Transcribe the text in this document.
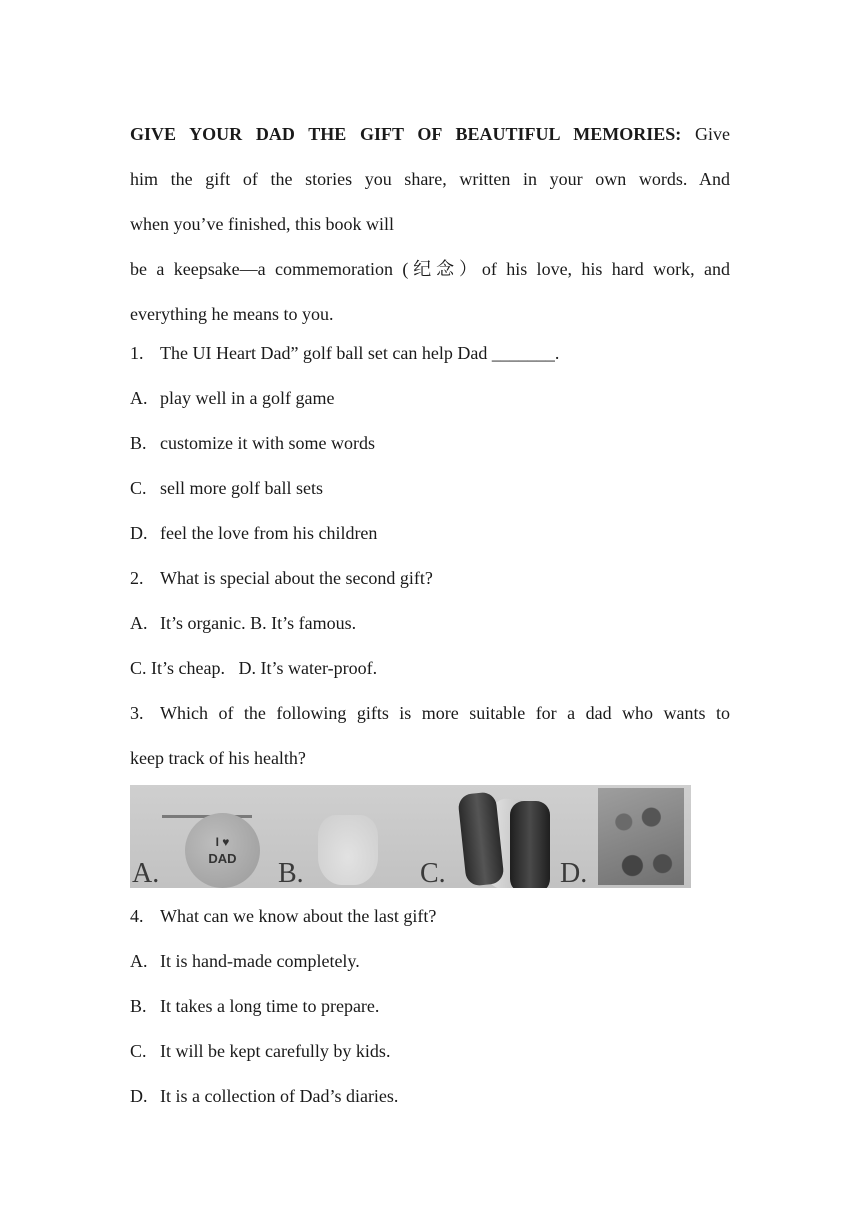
GIVE YOUR DAD THE GIFT OF BEAUTIFUL MEMORIES: Give
him the gift of the stories you share, written in your own words. And
when you’ve finished, this book will
be a keepsake—a commemoration (纪念）of his love, his hard work, and
everything he means to you.
1. The UI Heart Dad” golf ball set can help Dad _______.
A. play well in a golf game
B. customize it with some words
C. sell more golf ball sets
D. feel the love from his children
2. What is special about the second gift?
A. It’s organic. B. It’s famous.
C. It’s cheap.   D. It’s water-proof.
3. Which of the following gifts is more suitable for a dad who wants to
keep track of his health?
I ♥
DAD
A.	B.	C.	D.
4. What can we know about the last gift?
A. It is hand-made completely.
B. It takes a long time to prepare.
C. It will be kept carefully by kids.
D. It is a collection of Dad’s diaries.
